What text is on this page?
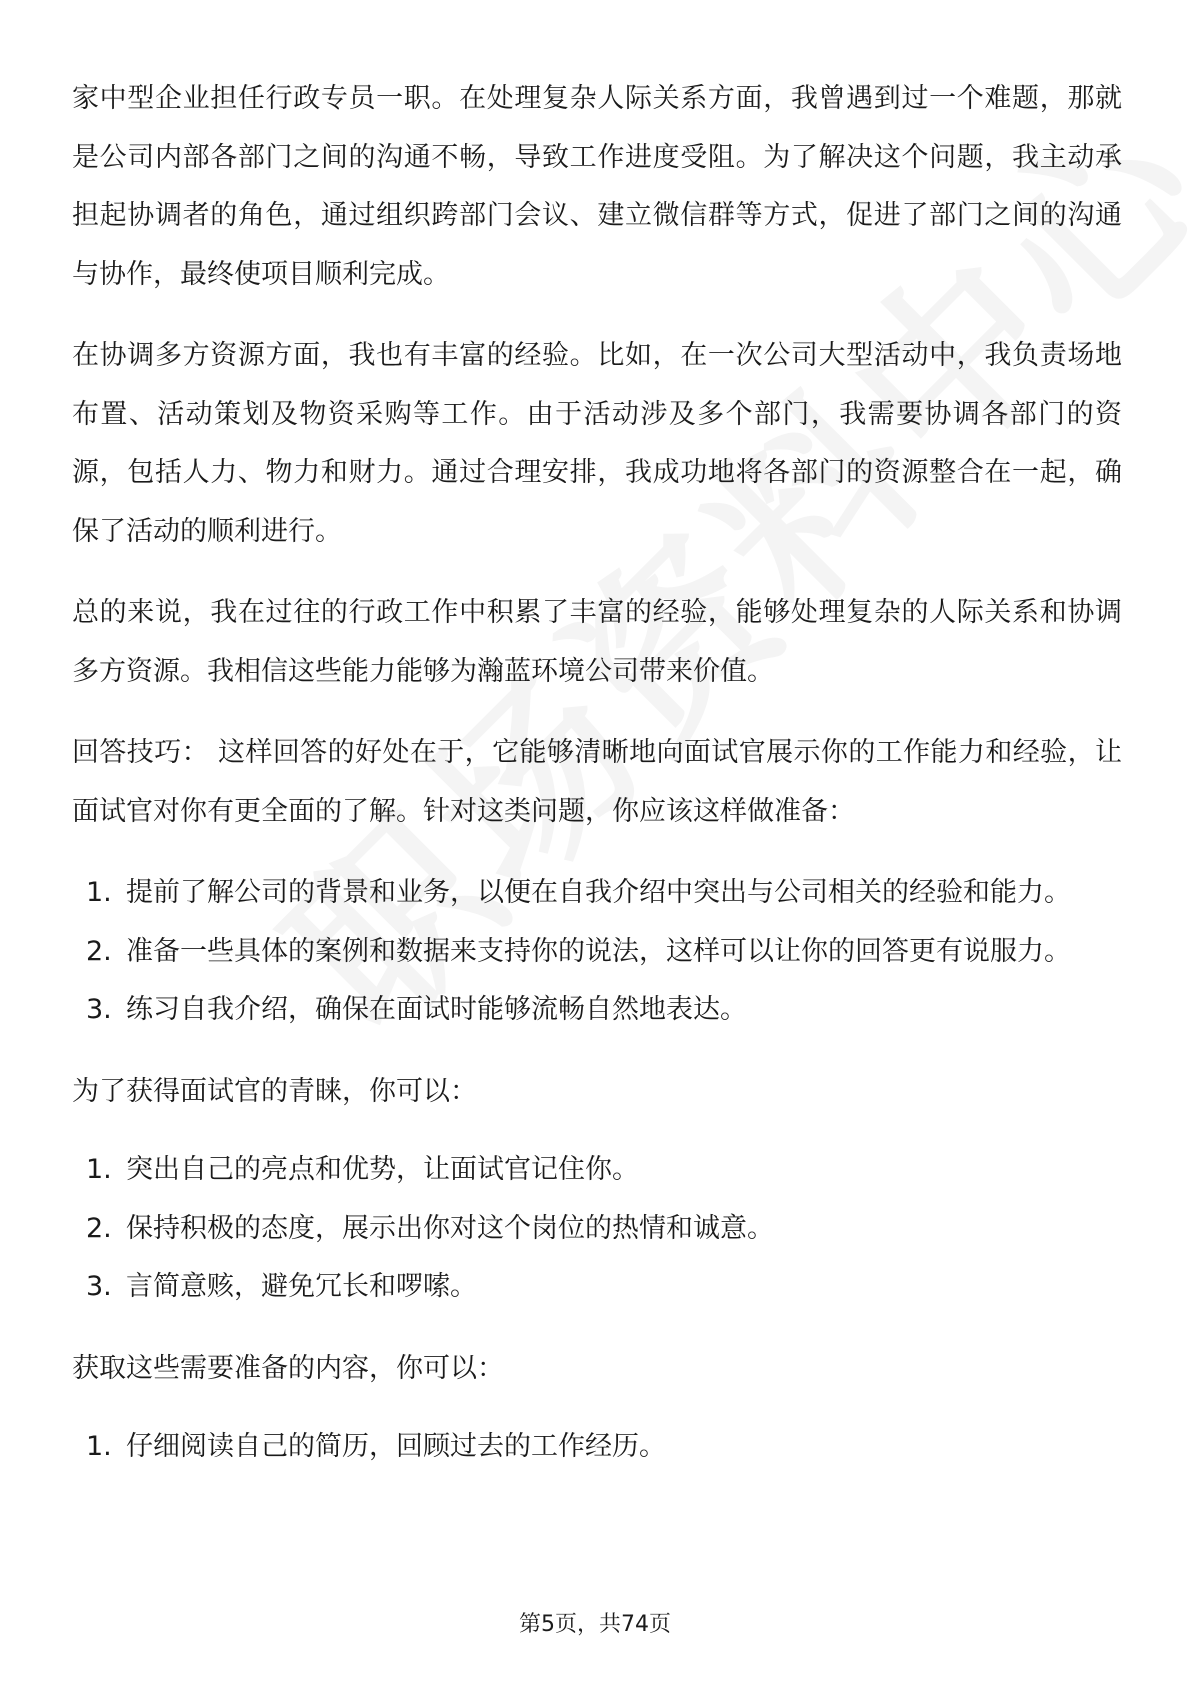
家中型企业担任行政专员一职。在处理复杂人际关系方面，我曾遇到过一个难题，那就是公司内部各部门之间的沟通不畅，导致工作进度受阻。为了解决这个问题，我主动承担起协调者的角色，通过组织跨部门会议、建立微信群等方式，促进了部门之间的沟通与协作，最终使项目顺利完成。

在协调多方资源方面，我也有丰富的经验。比如，在一次公司大型活动中，我负责场地布置、活动策划及物资采购等工作。由于活动涉及多个部门，我需要协调各部门的资源，包括人力、物力和财力。通过合理安排，我成功地将各部门的资源整合在一起，确保了活动的顺利进行。

总的来说，我在过往的行政工作中积累了丰富的经验，能够处理复杂的人际关系和协调多方资源。我相信这些能力能够为瀚蓝环境公司带来价值。

回答技巧： 这样回答的好处在于，它能够清晰地向面试官展示你的工作能力和经验，让面试官对你有更全面的了解。针对这类问题，你应该这样做准备：

1. 提前了解公司的背景和业务，以便在自我介绍中突出与公司相关的经验和能力。
2. 准备一些具体的案例和数据来支持你的说法，这样可以让你的回答更有说服力。
3. 练习自我介绍，确保在面试时能够流畅自然地表达。

为了获得面试官的青睐，你可以：

1. 突出自己的亮点和优势，让面试官记住你。
2. 保持积极的态度，展示出你对这个岗位的热情和诚意。
3. 言简意赅，避免冗长和啰嗦。

获取这些需要准备的内容，你可以：

1. 仔细阅读自己的简历，回顾过去的工作经历。
第5页，共74页
